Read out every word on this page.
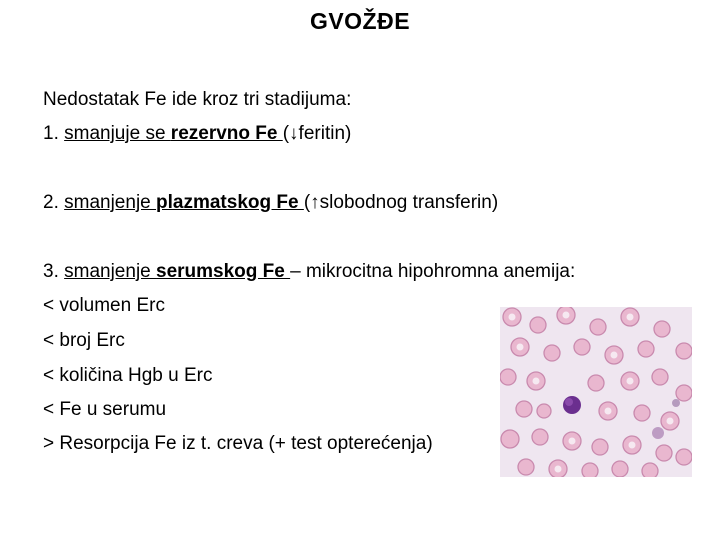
GVOŽĐE
Nedostatak Fe ide kroz tri stadijuma:
1. smanjuje se rezervno Fe (↓feritin)
2. smanjenje plazmatskog Fe (↑slobodnog transferin)
3. smanjenje serumskog Fe – mikrocitna hipohromna anemija:
< volumen Erc
< broj Erc
< količina Hgb u Erc
< Fe u serumu
> Resorpcija Fe iz t. creva (+ test opterećenja)
